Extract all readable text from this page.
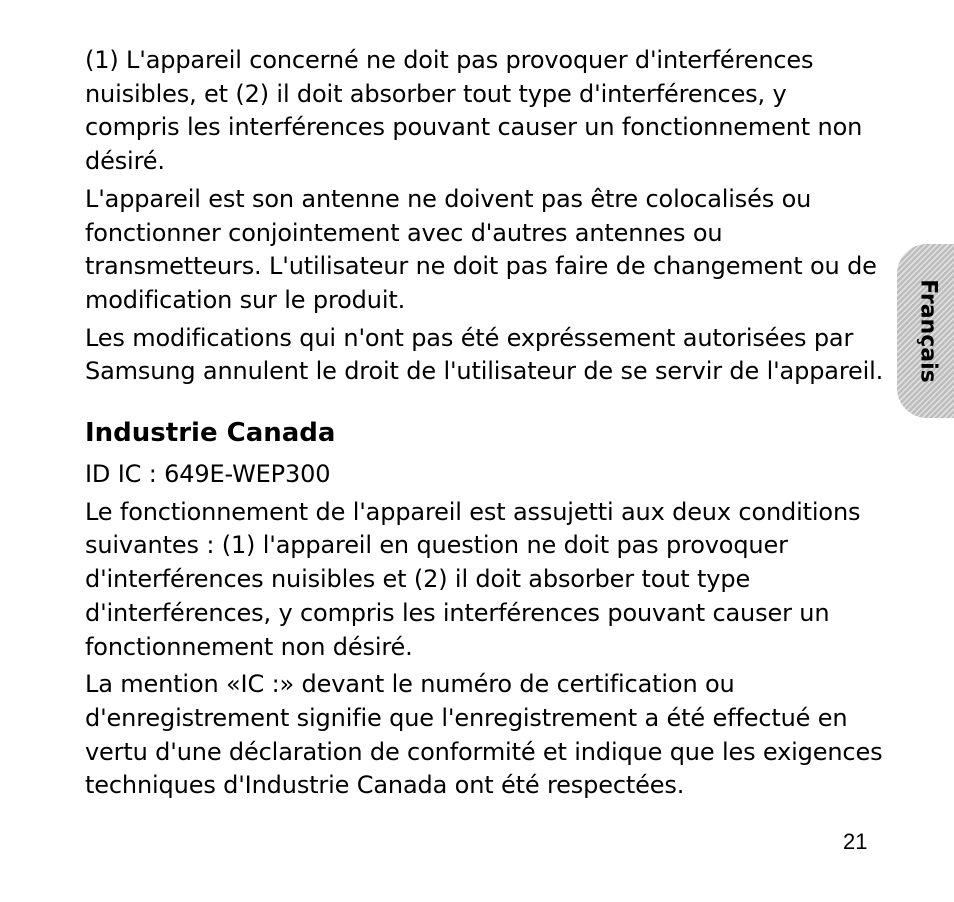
(1) L'appareil concerné ne doit pas provoquer d'interférences nuisibles, et (2) il doit absorber tout type d'interférences, y compris les interférences pouvant causer un fonctionnement non désiré.

L'appareil est son antenne ne doivent pas être colocalisés ou fonctionner conjointement avec d'autres antennes ou transmetteurs. L'utilisateur ne doit pas faire de changement ou de modification sur le produit.

Les modifications qui n'ont pas été expréssement autorisées par Samsung annulent le droit de l'utilisateur de se servir de l'appareil.

Industrie Canada

ID IC : 649E-WEP300

Le fonctionnement de l'appareil est assujetti aux deux conditions suivantes : (1) l'appareil en question ne doit pas provoquer d'interférences nuisibles et (2) il doit absorber tout type d'interférences, y compris les interférences pouvant causer un fonctionnement non désiré.

La mention «IC :» devant le numéro de certification ou d'enregistrement signifie que l'enregistrement a été effectué en vertu d'une déclaration de conformité et indique que les exigences techniques d'Industrie Canada ont été respectées.

Français
21
